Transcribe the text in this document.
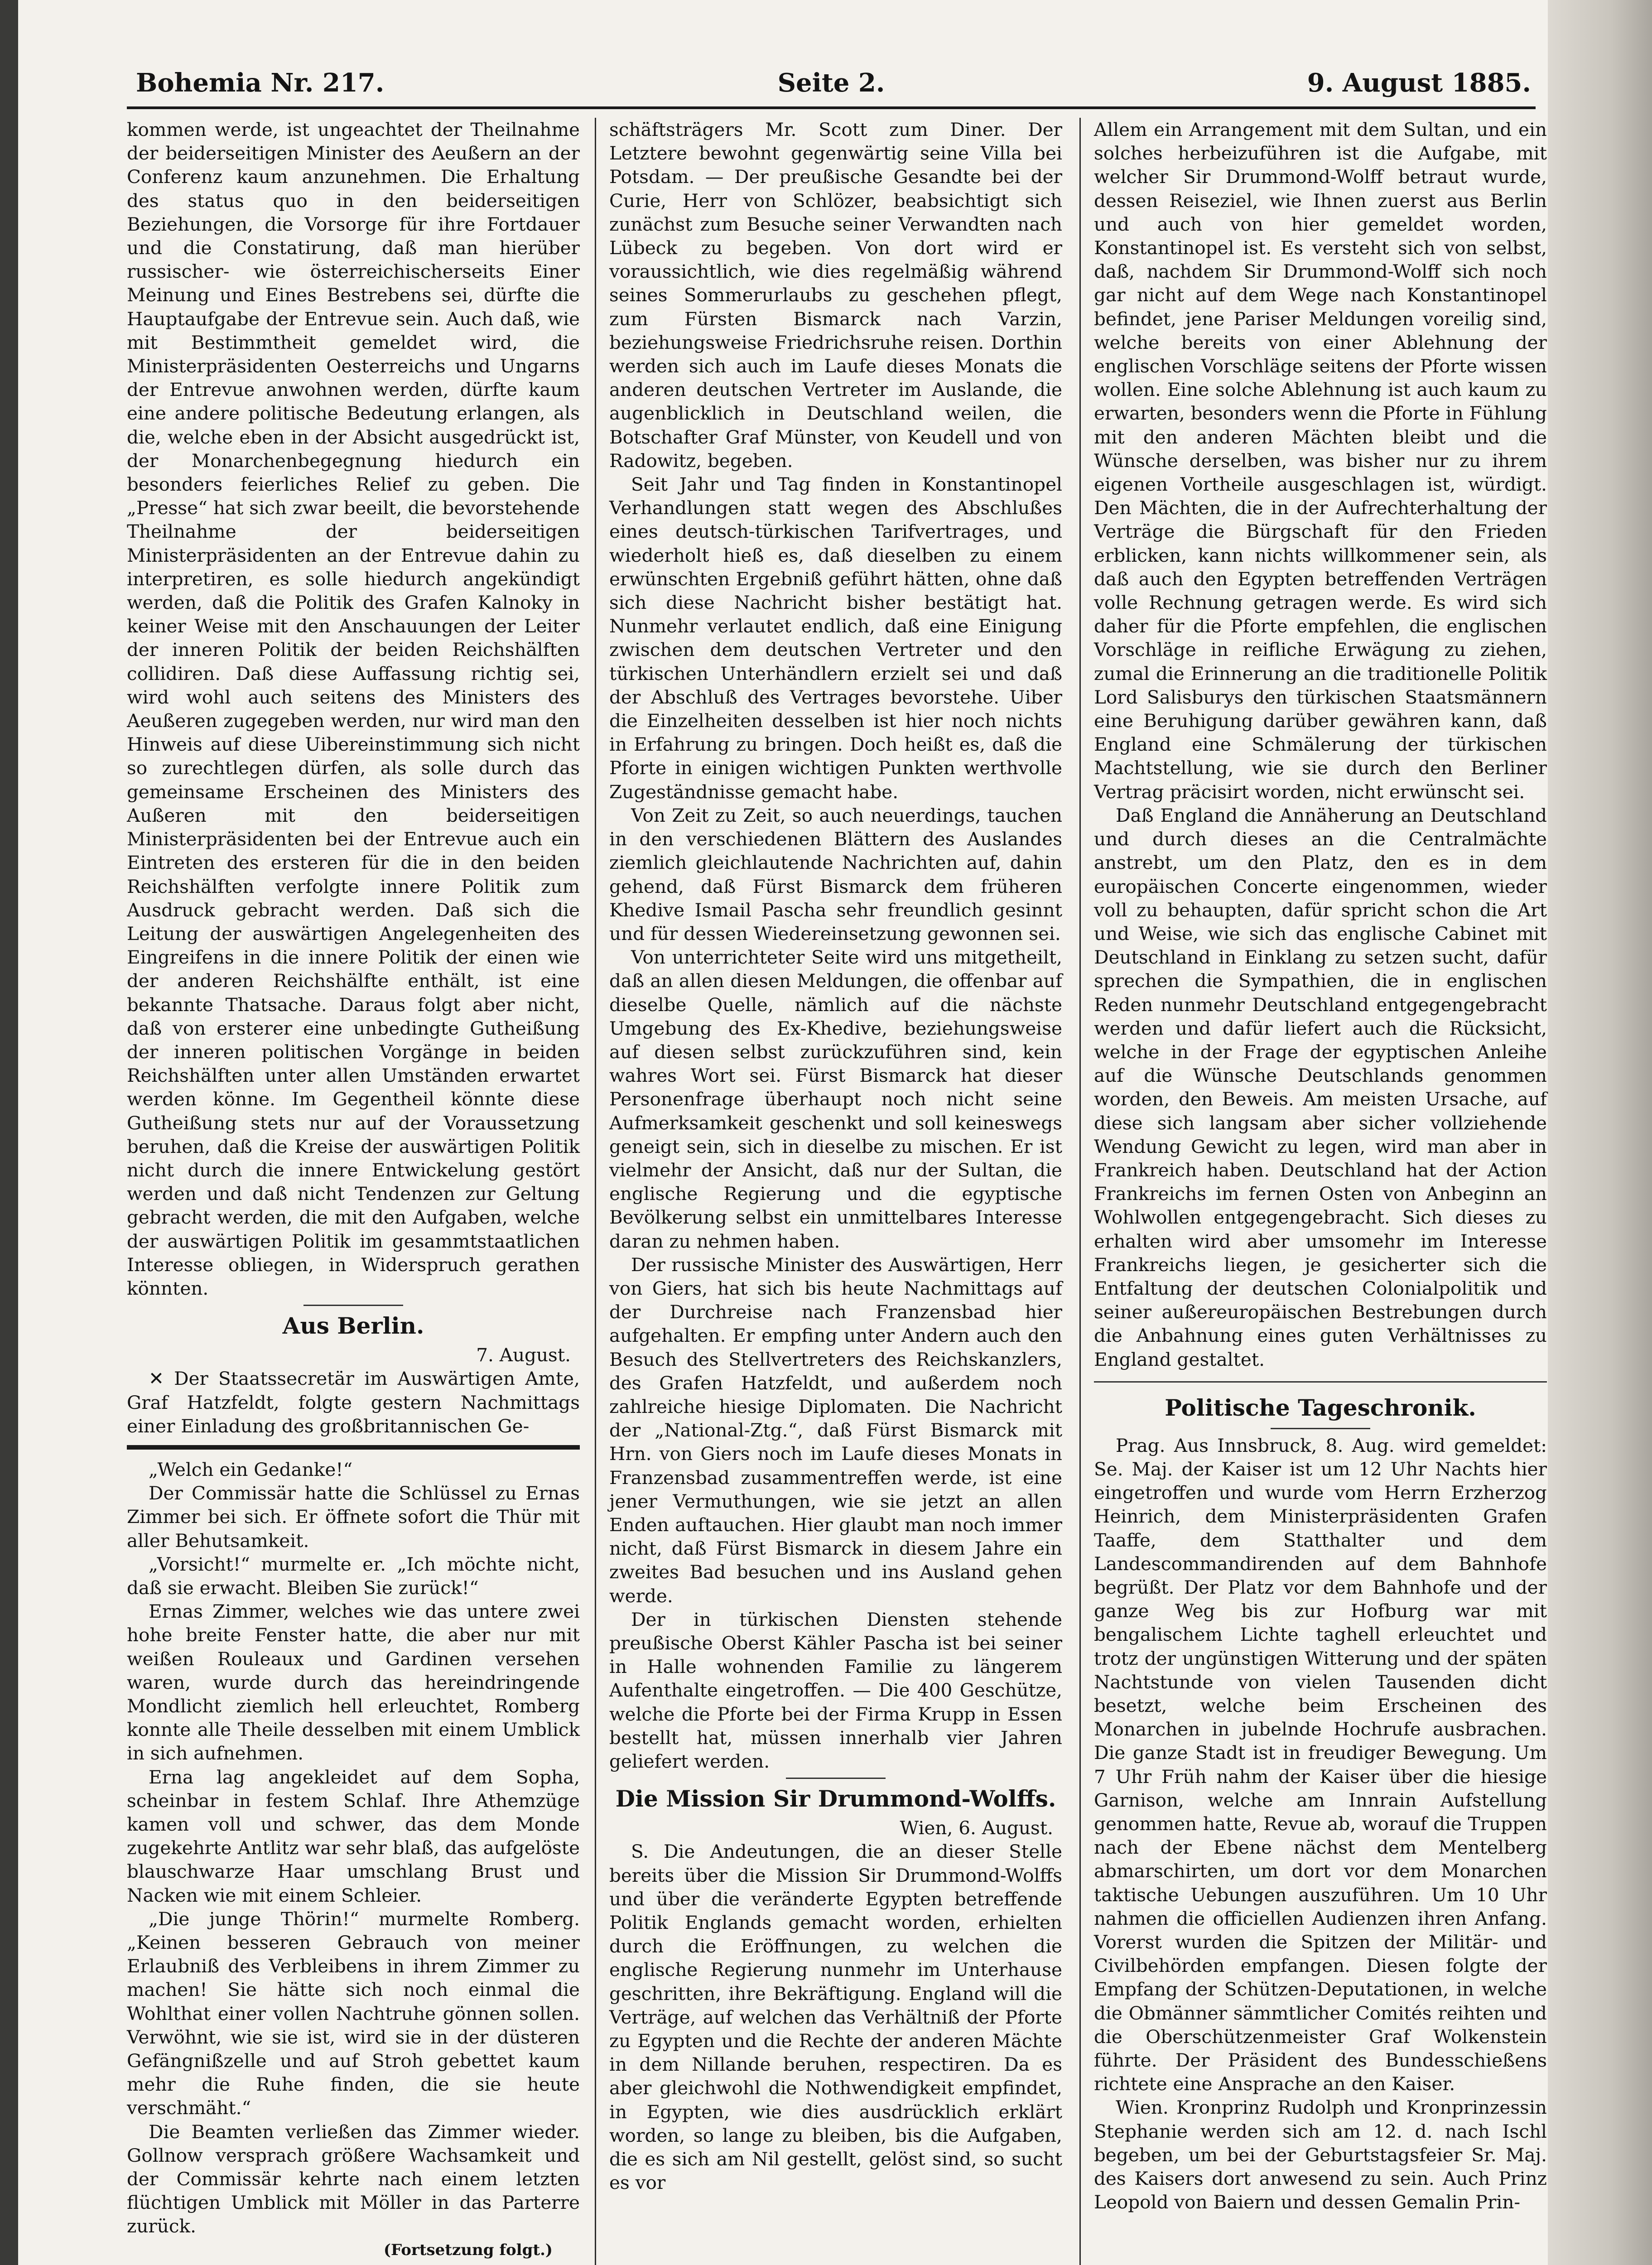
Bohemia Nr. 217.	Seite 2.	9. August 1885.

kommen werde, ist ungeachtet der Theilnahme der beiderseitigen Minister des Aeußern an der Conferenz kaum anzunehmen. Die Erhaltung des status quo in den beiderseitigen Beziehungen, die Vorsorge für ihre Fortdauer und die Constatirung, daß man hierüber russischer- wie österreichischerseits Einer Meinung und Eines Bestrebens sei, dürfte die Hauptaufgabe der Entrevue sein. Auch daß, wie mit Bestimmtheit gemeldet wird, die Ministerpräsidenten Oesterreichs und Ungarns der Entrevue anwohnen werden, dürfte kaum eine andere politische Bedeutung erlangen, als die, welche eben in der Absicht ausgedrückt ist, der Monarchenbegegnung hiedurch ein besonders feierliches Relief zu geben. Die „Presse“ hat sich zwar beeilt, die bevorstehende Theilnahme der beiderseitigen Ministerpräsidenten an der Entrevue dahin zu interpretiren, es solle hiedurch angekündigt werden, daß die Politik des Grafen Kalnoky in keiner Weise mit den Anschauungen der Leiter der inneren Politik der beiden Reichshälften collidiren. Daß diese Auffassung richtig sei, wird wohl auch seitens des Ministers des Aeußeren zugegeben werden, nur wird man den Hinweis auf diese Uibereinstimmung sich nicht so zurechtlegen dürfen, als solle durch das gemeinsame Erscheinen des Ministers des Außeren mit den beiderseitigen Ministerpräsidenten bei der Entrevue auch ein Eintreten des ersteren für die in den beiden Reichshälften verfolgte innere Politik zum Ausdruck gebracht werden. Daß sich die Leitung der auswärtigen Angelegenheiten des Eingreifens in die innere Politik der einen wie der anderen Reichshälfte enthält, ist eine bekannte Thatsache. Daraus folgt aber nicht, daß von ersterer eine unbedingte Gutheißung der inneren politischen Vorgänge in beiden Reichshälften unter allen Umständen erwartet werden könne. Im Gegentheil könnte diese Gutheißung stets nur auf der Voraussetzung beruhen, daß die Kreise der auswärtigen Politik nicht durch die innere Entwickelung gestört werden und daß nicht Tendenzen zur Geltung gebracht werden, die mit den Aufgaben, welche der auswärtigen Politik im gesammtstaatlichen Interesse obliegen, in Widerspruch gerathen könnten.

Aus Berlin.

7. August.

✕ Der Staatssecretär im Auswärtigen Amte, Graf Hatzfeldt, folgte gestern Nachmittags einer Einladung des großbritannischen Ge-

„Welch ein Gedanke!“

Der Commissär hatte die Schlüssel zu Ernas Zimmer bei sich. Er öffnete sofort die Thür mit aller Behutsamkeit.

„Vorsicht!“ murmelte er. „Ich möchte nicht, daß sie erwacht. Bleiben Sie zurück!“

Ernas Zimmer, welches wie das untere zwei hohe breite Fenster hatte, die aber nur mit weißen Rouleaux und Gardinen versehen waren, wurde durch das hereindringende Mondlicht ziemlich hell erleuchtet, Romberg konnte alle Theile desselben mit einem Umblick in sich aufnehmen.

Erna lag angekleidet auf dem Sopha, scheinbar in festem Schlaf. Ihre Athemzüge kamen voll und schwer, das dem Monde zugekehrte Antlitz war sehr blaß, das aufgelöste blauschwarze Haar umschlang Brust und Nacken wie mit einem Schleier.

„Die junge Thörin!“ murmelte Romberg. „Keinen besseren Gebrauch von meiner Erlaubniß des Verbleibens in ihrem Zimmer zu machen! Sie hätte sich noch einmal die Wohlthat einer vollen Nachtruhe gönnen sollen. Verwöhnt, wie sie ist, wird sie in der düsteren Gefängnißzelle und auf Stroh gebettet kaum mehr die Ruhe finden, die sie heute verschmäht.“

Die Beamten verließen das Zimmer wieder. Gollnow versprach größere Wachsamkeit und der Commissär kehrte nach einem letzten flüchtigen Umblick mit Möller in das Parterre zurück.

(Fortsetzung folgt.)

schäftsträgers Mr. Scott zum Diner. Der Letztere bewohnt gegenwärtig seine Villa bei Potsdam. — Der preußische Gesandte bei der Curie, Herr von Schlözer, beabsichtigt sich zunächst zum Besuche seiner Verwandten nach Lübeck zu begeben. Von dort wird er voraussichtlich, wie dies regelmäßig während seines Sommerurlaubs zu geschehen pflegt, zum Fürsten Bismarck nach Varzin, beziehungsweise Friedrichsruhe reisen. Dorthin werden sich auch im Laufe dieses Monats die anderen deutschen Vertreter im Auslande, die augenblicklich in Deutschland weilen, die Botschafter Graf Münster, von Keudell und von Radowitz, begeben.

Seit Jahr und Tag finden in Konstantinopel Verhandlungen statt wegen des Abschlußes eines deutsch-türkischen Tarifvertrages, und wiederholt hieß es, daß dieselben zu einem erwünschten Ergebniß geführt hätten, ohne daß sich diese Nachricht bisher bestätigt hat. Nunmehr verlautet endlich, daß eine Einigung zwischen dem deutschen Vertreter und den türkischen Unterhändlern erzielt sei und daß der Abschluß des Vertrages bevorstehe. Uiber die Einzelheiten desselben ist hier noch nichts in Erfahrung zu bringen. Doch heißt es, daß die Pforte in einigen wichtigen Punkten werthvolle Zugeständnisse gemacht habe.

Von Zeit zu Zeit, so auch neuerdings, tauchen in den verschiedenen Blättern des Auslandes ziemlich gleichlautende Nachrichten auf, dahin gehend, daß Fürst Bismarck dem früheren Khedive Ismail Pascha sehr freundlich gesinnt und für dessen Wiedereinsetzung gewonnen sei.

Von unterrichteter Seite wird uns mitgetheilt, daß an allen diesen Meldungen, die offenbar auf dieselbe Quelle, nämlich auf die nächste Umgebung des Ex-Khedive, beziehungsweise auf diesen selbst zurückzuführen sind, kein wahres Wort sei. Fürst Bismarck hat dieser Personenfrage überhaupt noch nicht seine Aufmerksamkeit geschenkt und soll keineswegs geneigt sein, sich in dieselbe zu mischen. Er ist vielmehr der Ansicht, daß nur der Sultan, die englische Regierung und die egyptische Bevölkerung selbst ein unmittelbares Interesse daran zu nehmen haben.

Der russische Minister des Auswärtigen, Herr von Giers, hat sich bis heute Nachmittags auf der Durchreise nach Franzensbad hier aufgehalten. Er empfing unter Andern auch den Besuch des Stellvertreters des Reichskanzlers, des Grafen Hatzfeldt, und außerdem noch zahlreiche hiesige Diplomaten. Die Nachricht der „National-Ztg.“, daß Fürst Bismarck mit Hrn. von Giers noch im Laufe dieses Monats in Franzensbad zusammentreffen werde, ist eine jener Vermuthungen, wie sie jetzt an allen Enden auftauchen. Hier glaubt man noch immer nicht, daß Fürst Bismarck in diesem Jahre ein zweites Bad besuchen und ins Ausland gehen werde.

Der in türkischen Diensten stehende preußische Oberst Kähler Pascha ist bei seiner in Halle wohnenden Familie zu längerem Aufenthalte eingetroffen. — Die 400 Geschütze, welche die Pforte bei der Firma Krupp in Essen bestellt hat, müssen innerhalb vier Jahren geliefert werden.

Die Mission Sir Drummond-Wolffs.

Wien, 6. August.

S. Die Andeutungen, die an dieser Stelle bereits über die Mission Sir Drummond-Wolffs und über die veränderte Egypten betreffende Politik Englands gemacht worden, erhielten durch die Eröffnungen, zu welchen die englische Regierung nunmehr im Unterhause geschritten, ihre Bekräftigung. England will die Verträge, auf welchen das Verhältniß der Pforte zu Egypten und die Rechte der anderen Mächte in dem Nillande beruhen, respectiren. Da es aber gleichwohl die Nothwendigkeit empfindet, in Egypten, wie dies ausdrücklich erklärt worden, so lange zu bleiben, bis die Aufgaben, die es sich am Nil gestellt, gelöst sind, so sucht es vor

Allem ein Arrangement mit dem Sultan, und ein solches herbeizuführen ist die Aufgabe, mit welcher Sir Drummond-Wolff betraut wurde, dessen Reiseziel, wie Ihnen zuerst aus Berlin und auch von hier gemeldet worden, Konstantinopel ist. Es versteht sich von selbst, daß, nachdem Sir Drummond-Wolff sich noch gar nicht auf dem Wege nach Konstantinopel befindet, jene Pariser Meldungen voreilig sind, welche bereits von einer Ablehnung der englischen Vorschläge seitens der Pforte wissen wollen. Eine solche Ablehnung ist auch kaum zu erwarten, besonders wenn die Pforte in Fühlung mit den anderen Mächten bleibt und die Wünsche derselben, was bisher nur zu ihrem eigenen Vortheile ausgeschlagen ist, würdigt. Den Mächten, die in der Aufrechterhaltung der Verträge die Bürgschaft für den Frieden erblicken, kann nichts willkommener sein, als daß auch den Egypten betreffenden Verträgen volle Rechnung getragen werde. Es wird sich daher für die Pforte empfehlen, die englischen Vorschläge in reifliche Erwägung zu ziehen, zumal die Erinnerung an die traditionelle Politik Lord Salisburys den türkischen Staatsmännern eine Beruhigung darüber gewähren kann, daß England eine Schmälerung der türkischen Machtstellung, wie sie durch den Berliner Vertrag präcisirt worden, nicht erwünscht sei.

Daß England die Annäherung an Deutschland und durch dieses an die Centralmächte anstrebt, um den Platz, den es in dem europäischen Concerte eingenommen, wieder voll zu behaupten, dafür spricht schon die Art und Weise, wie sich das englische Cabinet mit Deutschland in Einklang zu setzen sucht, dafür sprechen die Sympathien, die in englischen Reden nunmehr Deutschland entgegengebracht werden und dafür liefert auch die Rücksicht, welche in der Frage der egyptischen Anleihe auf die Wünsche Deutschlands genommen worden, den Beweis. Am meisten Ursache, auf diese sich langsam aber sicher vollziehende Wendung Gewicht zu legen, wird man aber in Frankreich haben. Deutschland hat der Action Frankreichs im fernen Osten von Anbeginn an Wohlwollen entgegengebracht. Sich dieses zu erhalten wird aber umsomehr im Interesse Frankreichs liegen, je gesicherter sich die Entfaltung der deutschen Colonialpolitik und seiner außereuropäischen Bestrebungen durch die Anbahnung eines guten Verhältnisses zu England gestaltet.

Politische Tageschronik.

Prag. Aus Innsbruck, 8. Aug. wird gemeldet: Se. Maj. der Kaiser ist um 12 Uhr Nachts hier eingetroffen und wurde vom Herrn Erzherzog Heinrich, dem Ministerpräsidenten Grafen Taaffe, dem Statthalter und dem Landescommandirenden auf dem Bahnhofe begrüßt. Der Platz vor dem Bahnhofe und der ganze Weg bis zur Hofburg war mit bengalischem Lichte taghell erleuchtet und trotz der ungünstigen Witterung und der späten Nachtstunde von vielen Tausenden dicht besetzt, welche beim Erscheinen des Monarchen in jubelnde Hochrufe ausbrachen. Die ganze Stadt ist in freudiger Bewegung. Um 7 Uhr Früh nahm der Kaiser über die hiesige Garnison, welche am Innrain Aufstellung genommen hatte, Revue ab, worauf die Truppen nach der Ebene nächst dem Mentelberg abmarschirten, um dort vor dem Monarchen taktische Uebungen auszuführen. Um 10 Uhr nahmen die officiellen Audienzen ihren Anfang. Vorerst wurden die Spitzen der Militär- und Civilbehörden empfangen. Diesen folgte der Empfang der Schützen-Deputationen, in welche die Obmänner sämmtlicher Comités reihten und die Oberschützenmeister Graf Wolkenstein führte. Der Präsident des Bundesschießens richtete eine Ansprache an den Kaiser.

Wien. Kronprinz Rudolph und Kronprinzessin Stephanie werden sich am 12. d. nach Ischl begeben, um bei der Geburtstagsfeier Sr. Maj. des Kaisers dort anwesend zu sein. Auch Prinz Leopold von Baiern und dessen Gemalin Prin-
